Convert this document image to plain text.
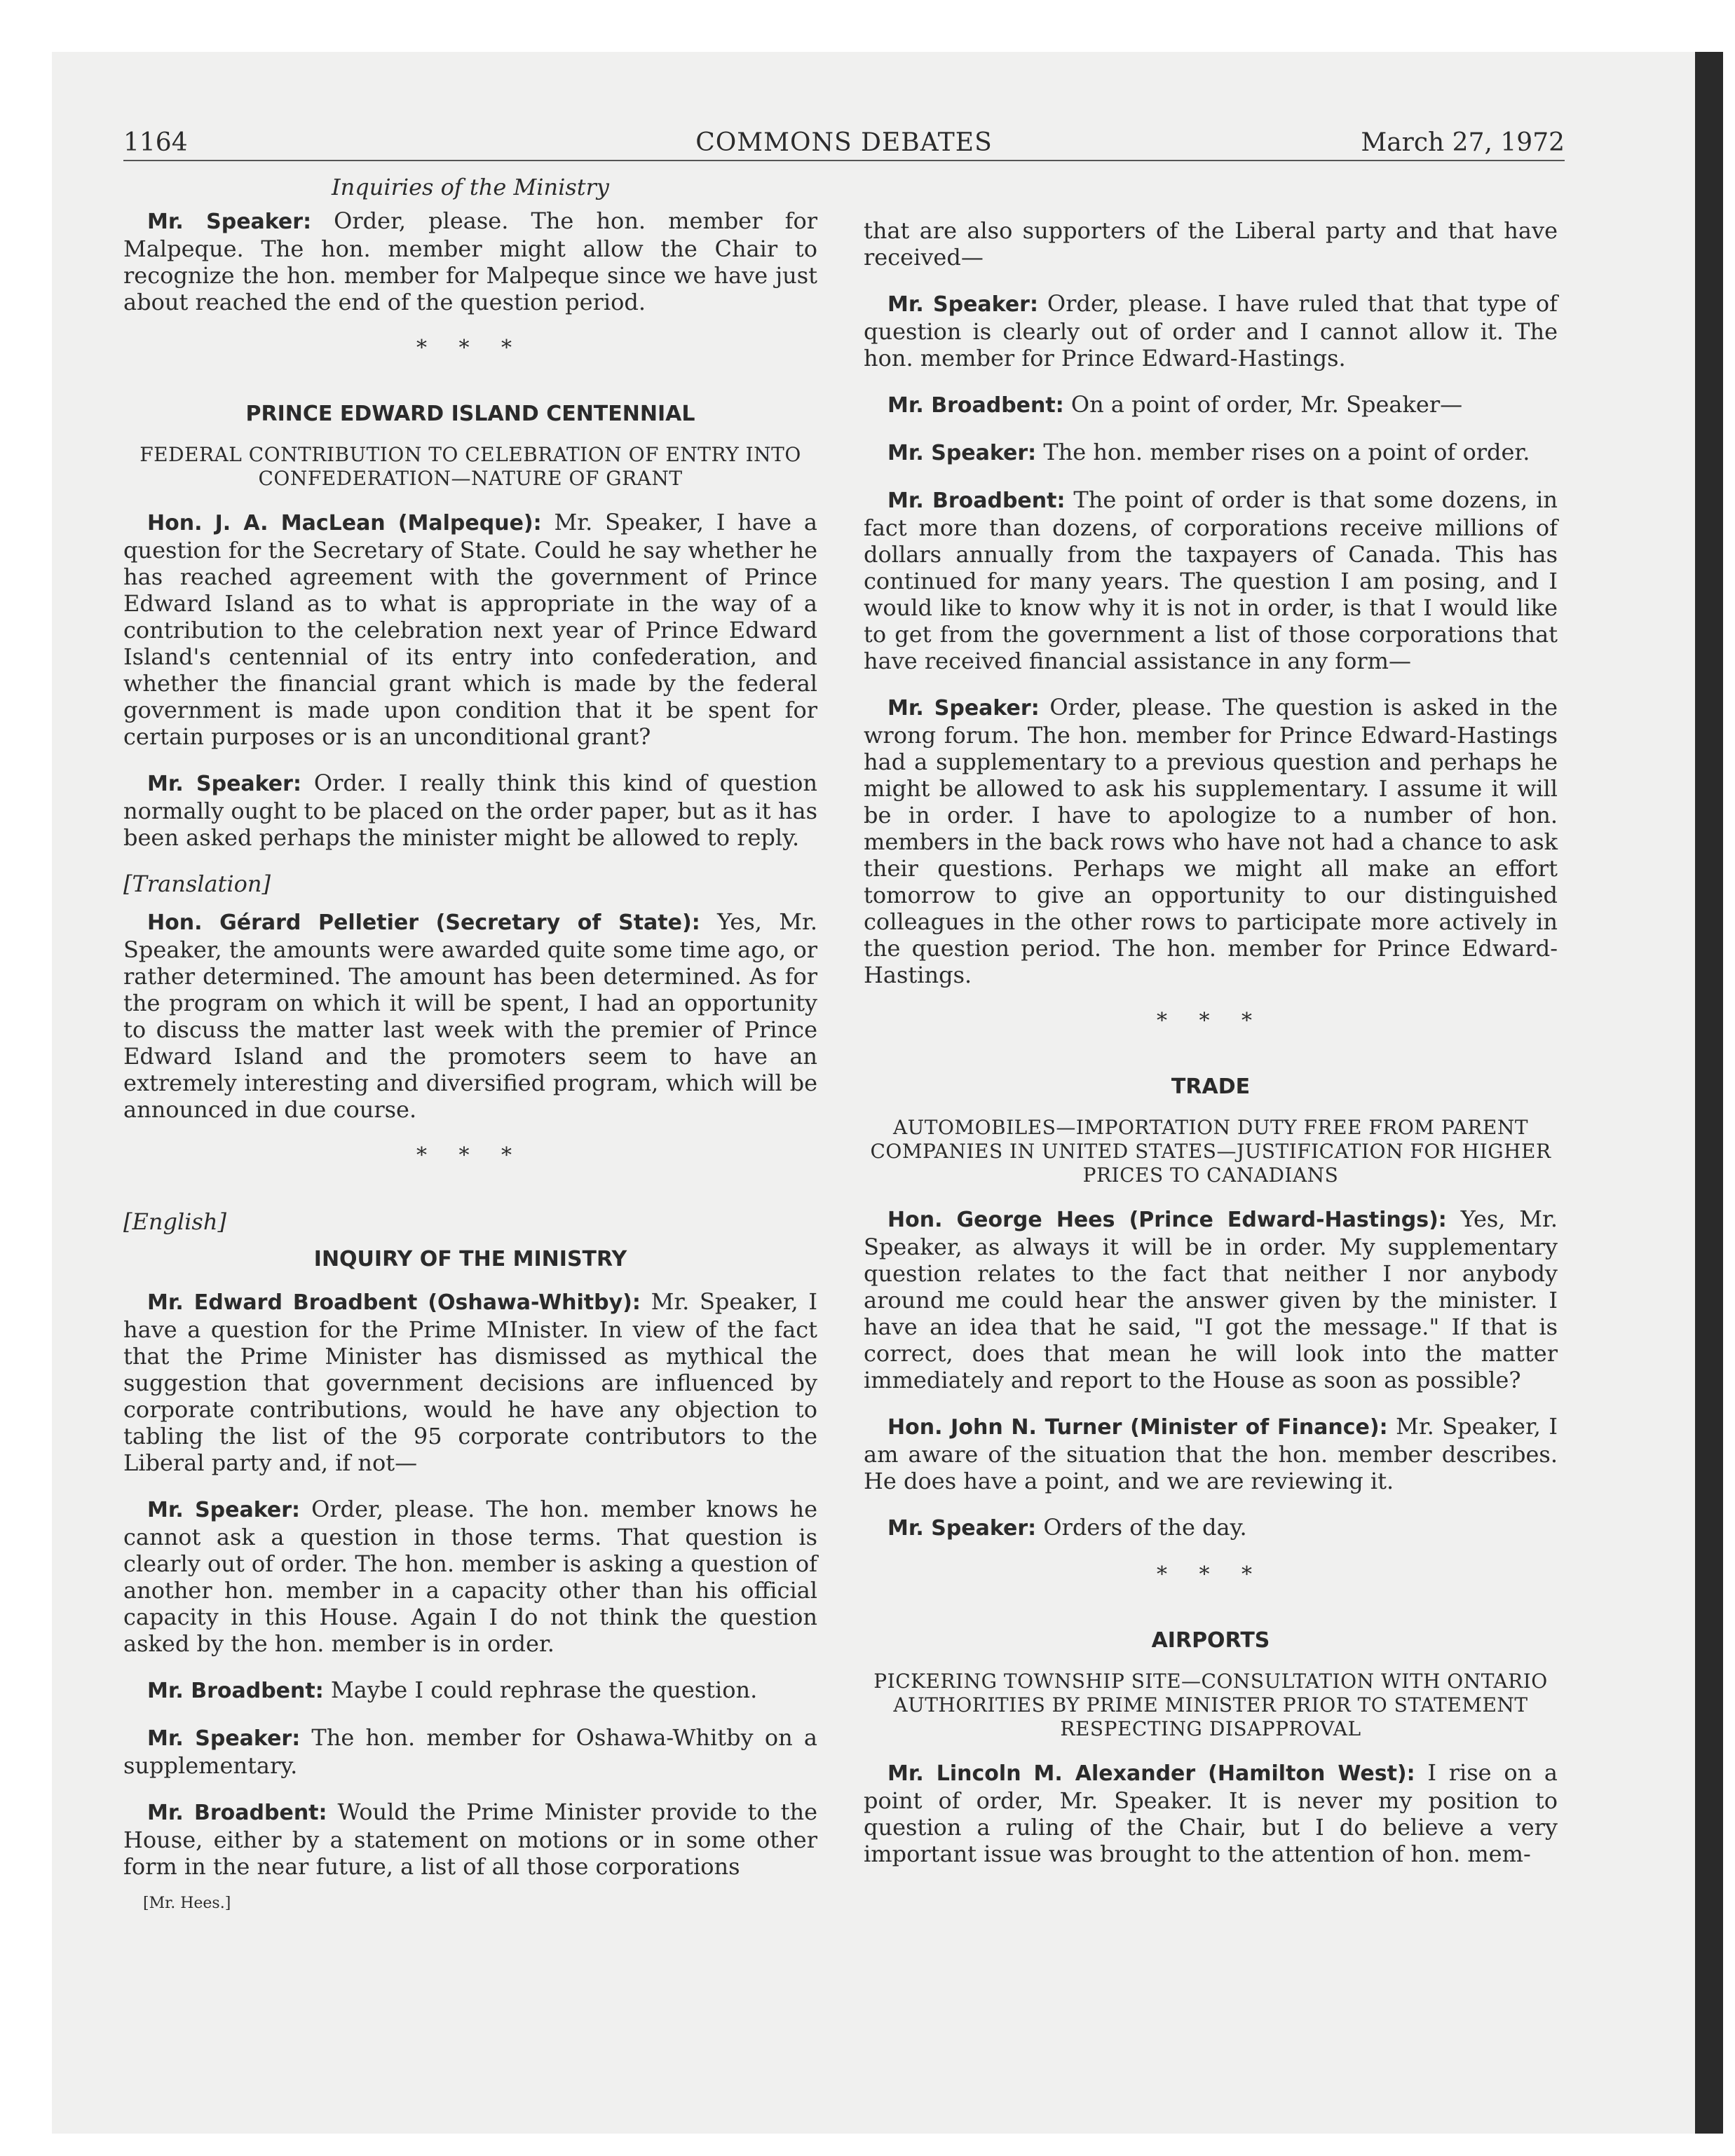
1164	COMMONS DEBATES	March 27, 1972
Inquiries of the Ministry

Mr. Speaker: Order, please. The hon. member for Malpeque. The hon. member might allow the Chair to recognize the hon. member for Malpeque since we have just about reached the end of the question period.

* * *
PRINCE EDWARD ISLAND CENTENNIAL
FEDERAL CONTRIBUTION TO CELEBRATION OF ENTRY INTO CONFEDERATION—NATURE OF GRANT

Hon. J. A. MacLean (Malpeque): Mr. Speaker, I have a question for the Secretary of State. Could he say whether he has reached agreement with the government of Prince Edward Island as to what is appropriate in the way of a contribution to the celebration next year of Prince Edward Island's centennial of its entry into confederation, and whether the financial grant which is made by the federal government is made upon condition that it be spent for certain purposes or is an unconditional grant?

Mr. Speaker: Order. I really think this kind of question normally ought to be placed on the order paper, but as it has been asked perhaps the minister might be allowed to reply.

[Translation]

Hon. Gérard Pelletier (Secretary of State): Yes, Mr. Speaker, the amounts were awarded quite some time ago, or rather determined. The amount has been determined. As for the program on which it will be spent, I had an opportunity to discuss the matter last week with the premier of Prince Edward Island and the promoters seem to have an extremely interesting and diversified program, which will be announced in due course.

* * *
[English]
INQUIRY OF THE MINISTRY

Mr. Edward Broadbent (Oshawa-Whitby): Mr. Speaker, I have a question for the Prime MInister. In view of the fact that the Prime Minister has dismissed as mythical the suggestion that government decisions are influenced by corporate contributions, would he have any objection to tabling the list of the 95 corporate contributors to the Liberal party and, if not—

Mr. Speaker: Order, please. The hon. member knows he cannot ask a question in those terms. That question is clearly out of order. The hon. member is asking a question of another hon. member in a capacity other than his official capacity in this House. Again I do not think the question asked by the hon. member is in order.

Mr. Broadbent: Maybe I could rephrase the question.

Mr. Speaker: The hon. member for Oshawa-Whitby on a supplementary.

Mr. Broadbent: Would the Prime Minister provide to the House, either by a statement on motions or in some other form in the near future, a list of all those corporations

[Mr. Hees.]

that are also supporters of the Liberal party and that have received—

Mr. Speaker: Order, please. I have ruled that that type of question is clearly out of order and I cannot allow it. The hon. member for Prince Edward-Hastings.

Mr. Broadbent: On a point of order, Mr. Speaker—

Mr. Speaker: The hon. member rises on a point of order.

Mr. Broadbent: The point of order is that some dozens, in fact more than dozens, of corporations receive millions of dollars annually from the taxpayers of Canada. This has continued for many years. The question I am posing, and I would like to know why it is not in order, is that I would like to get from the government a list of those corporations that have received financial assistance in any form—

Mr. Speaker: Order, please. The question is asked in the wrong forum. The hon. member for Prince Edward-Hastings had a supplementary to a previous question and perhaps he might be allowed to ask his supplementary. I assume it will be in order. I have to apologize to a number of hon. members in the back rows who have not had a chance to ask their questions. Perhaps we might all make an effort tomorrow to give an opportunity to our distinguished colleagues in the other rows to participate more actively in the question period. The hon. member for Prince Edward-Hastings.

* * *
TRADE
AUTOMOBILES—IMPORTATION DUTY FREE FROM PARENT COMPANIES IN UNITED STATES—JUSTIFICATION FOR HIGHER PRICES TO CANADIANS

Hon. George Hees (Prince Edward-Hastings): Yes, Mr. Speaker, as always it will be in order. My supplementary question relates to the fact that neither I nor anybody around me could hear the answer given by the minister. I have an idea that he said, "I got the message." If that is correct, does that mean he will look into the matter immediately and report to the House as soon as possible?

Hon. John N. Turner (Minister of Finance): Mr. Speaker, I am aware of the situation that the hon. member describes. He does have a point, and we are reviewing it.

Mr. Speaker: Orders of the day.

* * *
AIRPORTS
PICKERING TOWNSHIP SITE—CONSULTATION WITH ONTARIO AUTHORITIES BY PRIME MINISTER PRIOR TO STATEMENT RESPECTING DISAPPROVAL

Mr. Lincoln M. Alexander (Hamilton West): I rise on a point of order, Mr. Speaker. It is never my position to question a ruling of the Chair, but I do believe a very important issue was brought to the attention of hon. mem-
